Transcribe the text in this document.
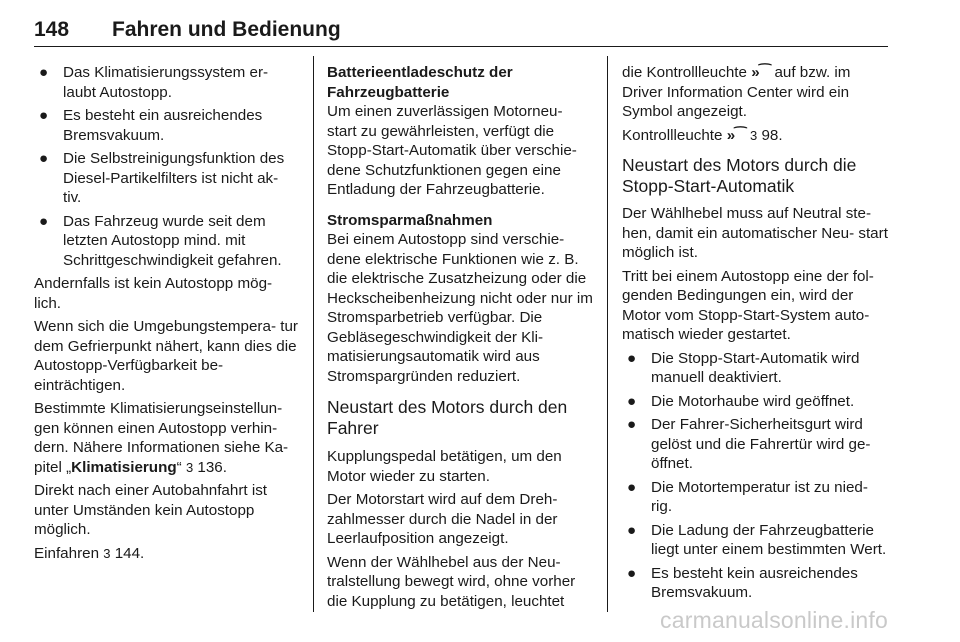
148 Fahren und Bedienung
● Das Klimatisierungssystem er- laubt Autostopp.
● Es besteht ein ausreichendes Bremsvakuum.
● Die Selbstreinigungsfunktion des Diesel-Partikelfilters ist nicht ak- tiv.
● Das Fahrzeug wurde seit dem letzten Autostopp mind. mit Schrittgeschwindigkeit gefahren.

Andernfalls ist kein Autostopp mög- lich.

Wenn sich die Umgebungstempera- tur dem Gefrierpunkt nähert, kann dies die Autostopp-Verfügbarkeit be- einträchtigen.

Bestimmte Klimatisierungseinstellun- gen können einen Autostopp verhin- dern. Nähere Informationen siehe Ka- pitel „Klimatisierung“ 3 136.

Direkt nach einer Autobahnfahrt ist unter Umständen kein Autostopp möglich.

Einfahren 3 144.

Batterieentladeschutz der Fahrzeugbatterie
Um einen zuverlässigen Motorneu- start zu gewährleisten, verfügt die Stopp-Start-Automatik über verschie- dene Schutzfunktionen gegen eine Entladung der Fahrzeugbatterie.
Stromsparmaßnahmen
Bei einem Autostopp sind verschie- dene elektrische Funktionen wie z. B. die elektrische Zusatzheizung oder die Heckscheibenheizung nicht oder nur im Stromsparbetrieb verfügbar. Die Gebläsegeschwindigkeit der Kli- matisierungsautomatik wird aus Stromspargründen reduziert.
Neustart des Motors durch den Fahrer

Kupplungspedal betätigen, um den Motor wieder zu starten.

Der Motorstart wird auf dem Dreh- zahlmesser durch die Nadel in der Leerlaufposition angezeigt.

Wenn der Wählhebel aus der Neu- tralstellung bewegt wird, ohne vorher die Kupplung zu betätigen, leuchtet

die Kontrollleuchte »⁀ auf bzw. im Driver Information Center wird ein Symbol angezeigt.

Kontrollleuchte »⁀ 3 98.

Neustart des Motors durch die Stopp-Start-Automatik

Der Wählhebel muss auf Neutral ste- hen, damit ein automatischer Neu- start möglich ist.

Tritt bei einem Autostopp eine der fol- genden Bedingungen ein, wird der Motor vom Stopp-Start-System auto- matisch wieder gestartet.

● Die Stopp-Start-Automatik wird manuell deaktiviert.
● Die Motorhaube wird geöffnet.
● Der Fahrer-Sicherheitsgurt wird gelöst und die Fahrertür wird ge- öffnet.
● Die Motortemperatur ist zu nied- rig.
● Die Ladung der Fahrzeugbatterie liegt unter einem bestimmten Wert.
● Es besteht kein ausreichendes Bremsvakuum.
carmanualsonline.info
